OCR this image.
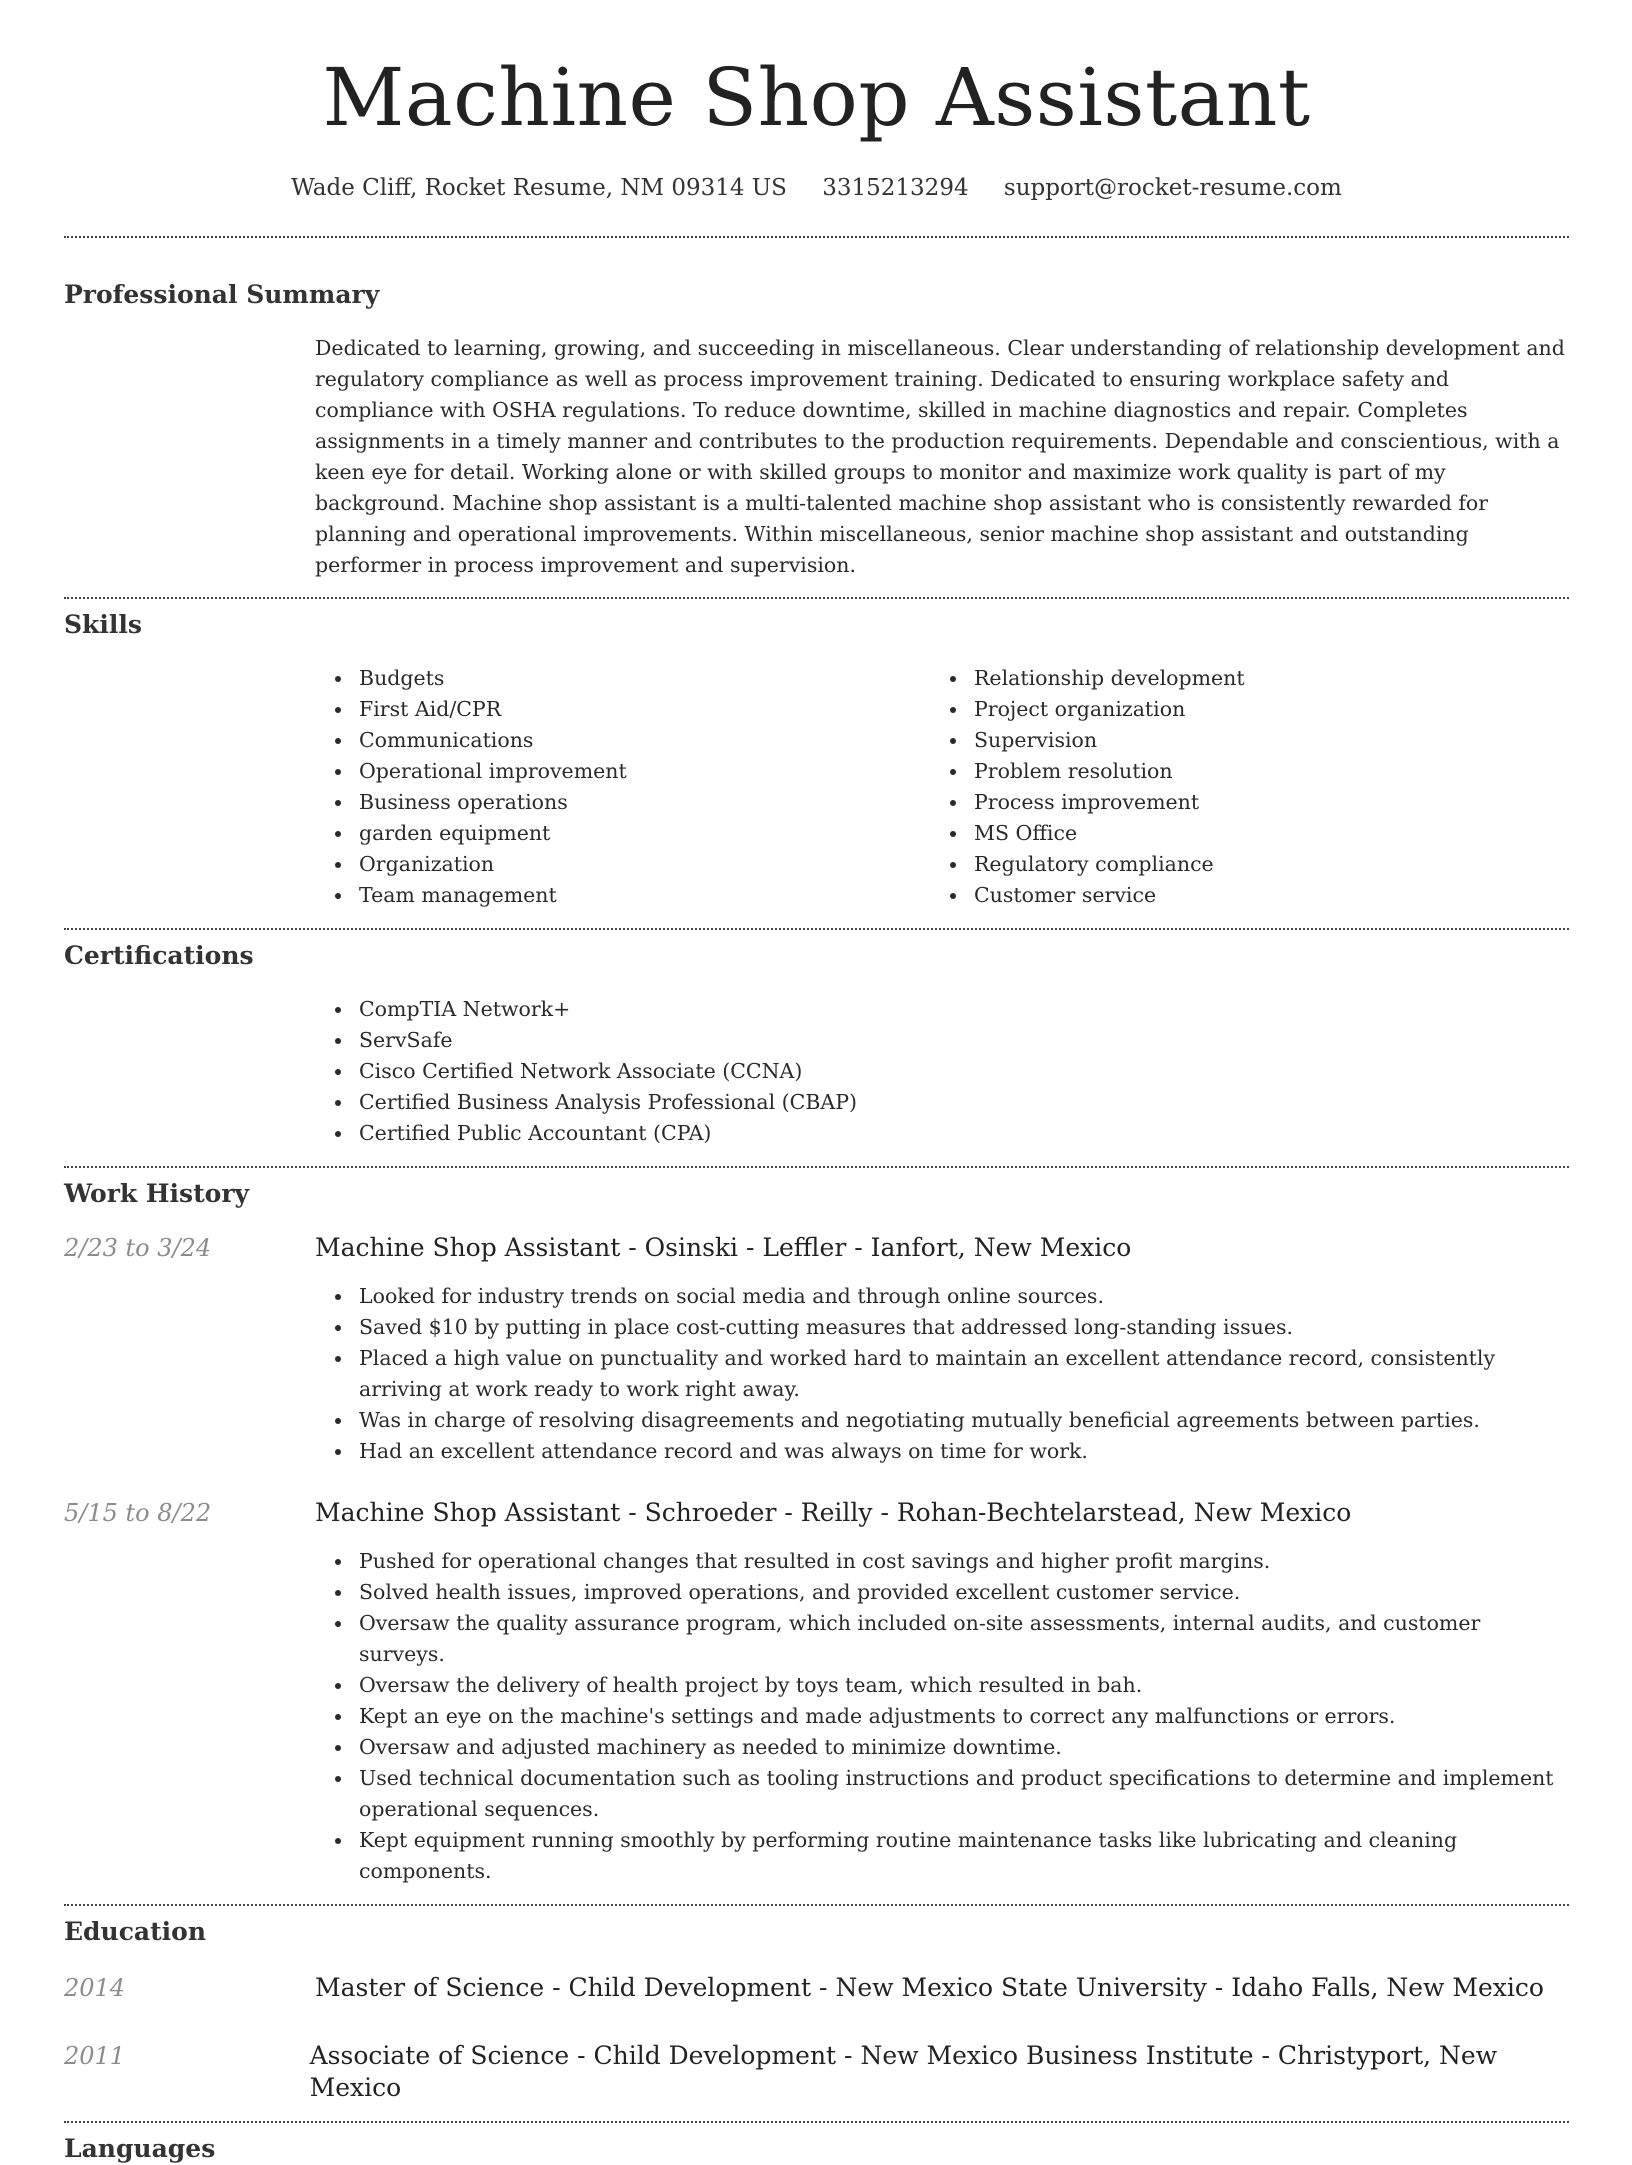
Machine Shop Assistant
Wade Cliff, Rocket Resume, NM 09314 US 3315213294 support@rocket-resume.com
Professional Summary

Dedicated to learning, growing, and succeeding in miscellaneous. Clear understanding of relationship development and regulatory compliance as well as process improvement training. Dedicated to ensuring workplace safety and compliance with OSHA regulations. To reduce downtime, skilled in machine diagnostics and repair. Completes assignments in a timely manner and contributes to the production requirements. Dependable and conscientious, with a keen eye for detail. Working alone or with skilled groups to monitor and maximize work quality is part of my background. Machine shop assistant is a multi-talented machine shop assistant who is consistently rewarded for planning and operational improvements. Within miscellaneous, senior machine shop assistant and outstanding performer in process improvement and supervision.

Skills
Budgets
First Aid/CPR
Communications
Operational improvement
Business operations
garden equipment
Organization
Team management
Relationship development
Project organization
Supervision
Problem resolution
Process improvement
MS Office
Regulatory compliance
Customer service
Certifications
CompTIA Network+
ServSafe
Cisco Certified Network Associate (CCNA)
Certified Business Analysis Professional (CBAP)
Certified Public Accountant (CPA)
Work History
2/23 to 3/24	Machine Shop Assistant - Osinski - Leffler - Ianfort, New Mexico
Looked for industry trends on social media and through online sources.
Saved $10 by putting in place cost-cutting measures that addressed long-standing issues.
Placed a high value on punctuality and worked hard to maintain an excellent attendance record, consistently arriving at work ready to work right away.
Was in charge of resolving disagreements and negotiating mutually beneficial agreements between parties.
Had an excellent attendance record and was always on time for work.
5/15 to 8/22	Machine Shop Assistant - Schroeder - Reilly - Rohan-Bechtelarstead, New Mexico
Pushed for operational changes that resulted in cost savings and higher profit margins.
Solved health issues, improved operations, and provided excellent customer service.
Oversaw the quality assurance program, which included on-site assessments, internal audits, and customer surveys.
Oversaw the delivery of health project by toys team, which resulted in bah.
Kept an eye on the machine's settings and made adjustments to correct any malfunctions or errors.
Oversaw and adjusted machinery as needed to minimize downtime.
Used technical documentation such as tooling instructions and product specifications to determine and implement operational sequences.
Kept equipment running smoothly by performing routine maintenance tasks like lubricating and cleaning components.
Education
2014	Master of Science - Child Development - New Mexico State University - Idaho Falls, New Mexico
2011	Associate of Science - Child Development - New Mexico Business Institute - Christyport, New Mexico
Languages
